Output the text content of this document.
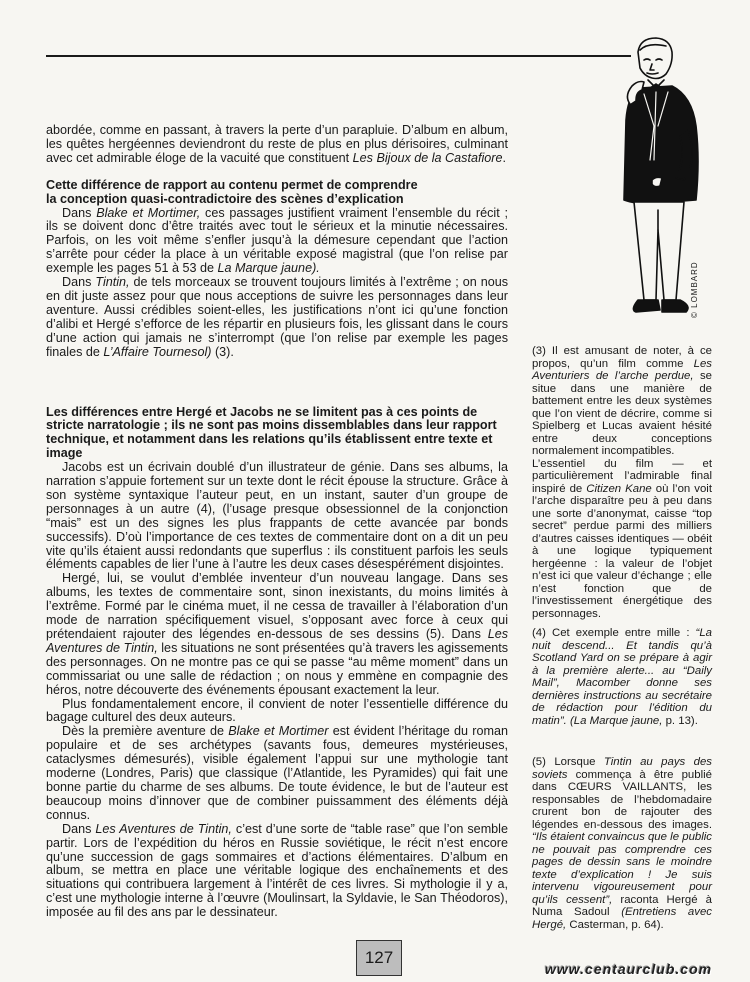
abordée, comme en passant, à travers la perte d’un parapluie. D’album en album, les quêtes hergéennes deviendront du reste de plus en plus dérisoires, culminant avec cet admirable éloge de la vacuité que constituent Les Bijoux de la Castafiore.

Cette différence de rapport au contenu permet de comprendre
la conception quasi-contradictoire des scènes d’explication

Dans Blake et Mortimer, ces passages justifient vraiment l’ensemble du récit ; ils se doivent donc d’être traités avec tout le sérieux et la minutie nécessaires. Parfois, on les voit même s’enfler jusqu’à la démesure cependant que l’action s’arrête pour céder la place à un véritable exposé magistral (que l’on relise par exemple les pages 51 à 53 de La Marque jaune).

Dans Tintin, de tels morceaux se trouvent toujours limités à l’extrême ; on nous en dit juste assez pour que nous acceptions de suivre les personnages dans leur aventure. Aussi crédibles soient-elles, les justifications n’ont ici qu’une fonction d’alibi et Hergé s’efforce de les répartir en plusieurs fois, les glissant dans le cours d’une action qui jamais ne s’interrompt (que l’on relise par exemple les pages finales de L’Affaire Tournesol) (3).

Les différences entre Hergé et Jacobs ne se limitent pas à ces points de stricte narratologie ; ils ne sont pas moins dissemblables dans leur rapport technique, et notamment dans les relations qu’ils établissent entre texte et image

Jacobs est un écrivain doublé d’un illustrateur de génie. Dans ses albums, la narration s’appuie fortement sur un texte dont le récit épouse la structure. Grâce à son système syntaxique l’auteur peut, en un instant, sauter d’un groupe de personnages à un autre (4), (l’usage presque obsessionnel de la conjonction “mais” est un des signes les plus frappants de cette avancée par bonds successifs). D’où l’importance de ces textes de commentaire dont on a dit un peu vite qu’ils étaient aussi redondants que superflus : ils constituent parfois les seuls éléments capables de lier l’une à l’autre les deux cases désespérément disjointes.

Hergé, lui, se voulut d’emblée inventeur d’un nouveau langage. Dans ses albums, les textes de commentaire sont, sinon inexistants, du moins limités à l’extrême. Formé par le cinéma muet, il ne cessa de travailler à l’élaboration d’un mode de narration spécifiquement visuel, s’opposant avec force à ceux qui prétendaient rajouter des légendes en-dessous de ses dessins (5). Dans Les Aventures de Tintin, les situations ne sont présentées qu’à travers les agissements des personnages. On ne montre pas ce qui se passe “au même moment” dans un commissariat ou une salle de rédaction ; on nous y emmène en compagnie des héros, notre découverte des événements épousant exactement la leur.

Plus fondamentalement encore, il convient de noter l’essentielle différence du bagage culturel des deux auteurs.

Dès la première aventure de Blake et Mortimer est évident l’héritage du roman populaire et de ses archétypes (savants fous, demeures mystérieuses, cataclysmes démesurés), visible également l’appui sur une mythologie tant moderne (Londres, Paris) que classique (l’Atlantide, les Pyramides) qui fait une bonne partie du charme de ses albums. De toute évidence, le but de l’auteur est beaucoup moins d’innover que de combiner puissamment des éléments déjà connus.

Dans Les Aventures de Tintin, c’est d’une sorte de “table rase” que l’on semble partir. Lors de l’expédition du héros en Russie soviétique, le récit n’est encore qu’une succession de gags sommaires et d’actions élémentaires. D’album en album, se mettra en place une véritable logique des enchaînements et des situations qui contribuera largement à l’intérêt de ces livres. Si mythologie il y a, c’est une mythologie interne à l’œuvre (Moulinsart, la Syldavie, le San Théodoros), imposée au fil des ans par le dessinateur.

(3) Il est amusant de noter, à ce propos, qu’un film comme Les Aventuriers de l’arche perdue, se situe dans une manière de battement entre les deux systèmes que l’on vient de décrire, comme si Spielberg et Lucas avaient hésité entre deux conceptions normalement incompatibles.

L’essentiel du film — et particulièrement l’admirable final inspiré de Citizen Kane où l’on voit l’arche disparaître peu à peu dans une sorte d’anonymat, caisse “top secret” perdue parmi des milliers d’autres caisses identiques — obéit à une logique typiquement hergéenne : la valeur de l’objet n’est ici que valeur d’échange ; elle n’est fonction que de l’investissement énergétique des personnages.

(4) Cet exemple entre mille : “La nuit descend... Et tandis qu’à Scotland Yard on se prépare à agir à la première alerte... au “Daily Mail”, Macomber donne ses dernières instructions au secrétaire de rédaction pour l’édition du matin”. (La Marque jaune, p. 13).

(5) Lorsque Tintin au pays des soviets commença à être publié dans CŒURS VAILLANTS, les responsables de l’hebdomadaire crurent bon de rajouter des légendes en-dessous des images. “Ils étaient convaincus que le public ne pouvait pas comprendre ces pages de dessin sans le moindre texte d’explication ! Je suis intervenu vigoureusement pour qu’ils cessent”, raconta Hergé à Numa Sadoul (Entretiens avec Hergé, Casterman, p. 64).

© LOMBARD
127
www.centaurclub.com
